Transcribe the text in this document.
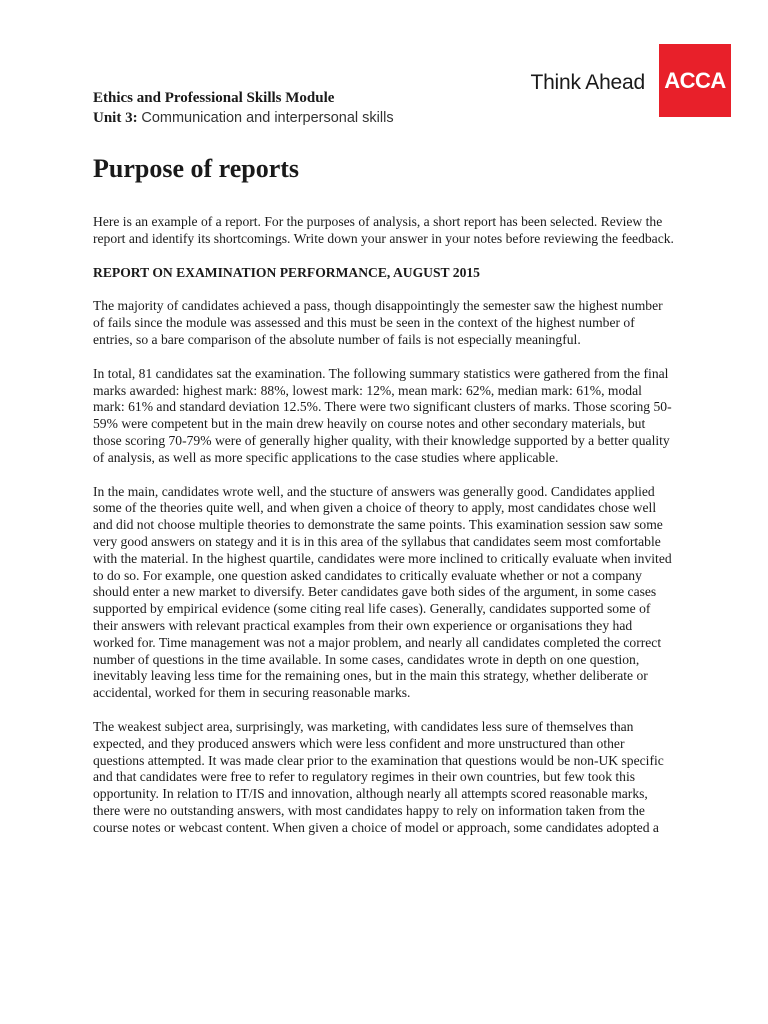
Think Ahead ACCA
Ethics and Professional Skills Module
Unit 3: Communication and interpersonal skills
Purpose of reports

Here is an example of a report. For the purposes of analysis, a short report has been selected. Review the report and identify its shortcomings. Write down your answer in your notes before reviewing the feedback.

REPORT ON EXAMINATION PERFORMANCE, AUGUST 2015

The majority of candidates achieved a pass, though disappointingly the semester saw the highest number of fails since the module was assessed and this must be seen in the context of the highest number of entries, so a bare comparison of the absolute number of fails is not especially meaningful.

In total, 81 candidates sat the examination. The following summary statistics were gathered from the final marks awarded: highest mark: 88%, lowest mark: 12%, mean mark: 62%, median mark: 61%, modal mark: 61% and standard deviation 12.5%. There were two significant clusters of marks. Those scoring 50-59% were competent but in the main drew heavily on course notes and other secondary materials, but those scoring 70-79% were of generally higher quality, with their knowledge supported by a better quality of analysis, as well as more specific applications to the case studies where applicable.

In the main, candidates wrote well, and the stucture of answers was generally good. Candidates applied some of the theories quite well, and when given a choice of theory to apply, most candidates chose well and did not choose multiple theories to demonstrate the same points. This examination session saw some very good answers on stategy and it is in this area of the syllabus that candidates seem most comfortable with the material. In the highest quartile, candidates were more inclined to critically evaluate when invited to do so. For example, one question asked candidates to critically evaluate whether or not a company should enter a new market to diversify. Beter candidates gave both sides of the argument, in some cases supported by empirical evidence (some citing real life cases). Generally, candidates supported some of their answers with relevant practical examples from their own experience or organisations they had worked for. Time management was not a major problem, and nearly all candidates completed the correct number of questions in the time available. In some cases, candidates wrote in depth on one question, inevitably leaving less time for the remaining ones, but in the main this strategy, whether deliberate or accidental, worked for them in securing reasonable marks.

The weakest subject area, surprisingly, was marketing, with candidates less sure of themselves than expected, and they produced answers which were less confident and more unstructured than other questions attempted. It was made clear prior to the examination that questions would be non-UK specific and that candidates were free to refer to regulatory regimes in their own countries, but few took this opportunity. In relation to IT/IS and innovation, although nearly all attempts scored reasonable marks, there were no outstanding answers, with most candidates happy to rely on information taken from the course notes or webcast content. When given a choice of model or approach, some candidates adopted a
